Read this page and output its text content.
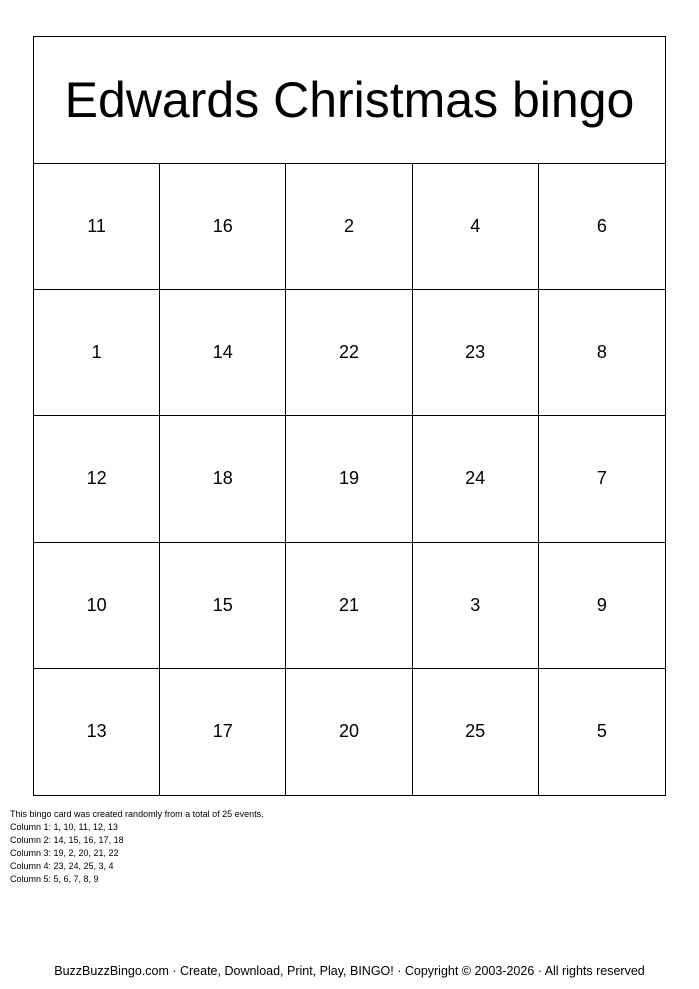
Edwards Christmas bingo
11	16	2	4	6
1	14	22	23	8
12	18	19	24	7
10	15	21	3	9
13	17	20	25	5
This bingo card was created randomly from a total of 25 events.
Column 1: 1, 10, 11, 12, 13
Column 2: 14, 15, 16, 17, 18
Column 3: 19, 2, 20, 21, 22
Column 4: 23, 24, 25, 3, 4
Column 5: 5, 6, 7, 8, 9
BuzzBuzzBingo.com · Create, Download, Print, Play, BINGO! · Copyright © 2003-2026 · All rights reserved
